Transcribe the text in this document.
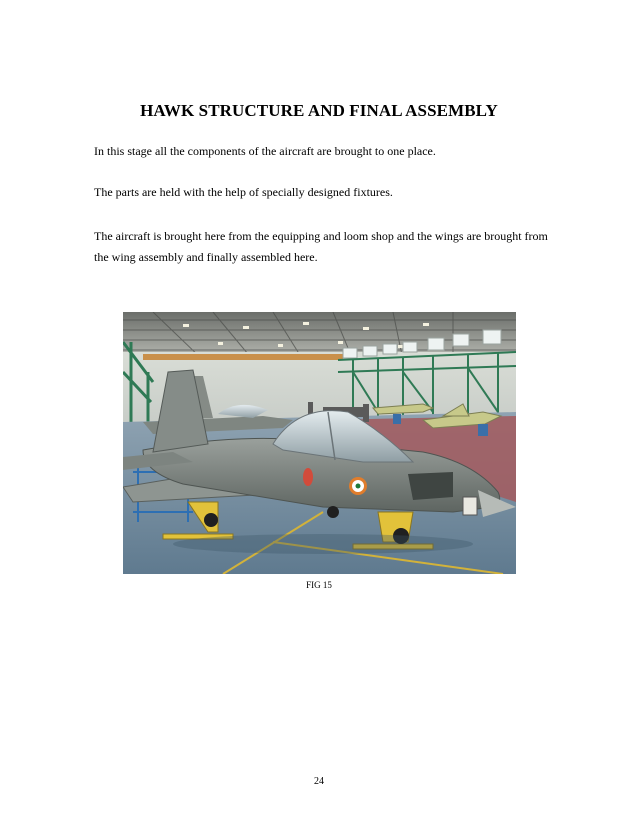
HAWK STRUCTURE AND FINAL ASSEMBLY
In this stage all the components of the aircraft are brought to one place.
The parts are held with the help of specially designed fixtures.
The aircraft is brought here from the equipping and loom shop and the wings are brought from the wing assembly and finally assembled here.
FIG 15
24
